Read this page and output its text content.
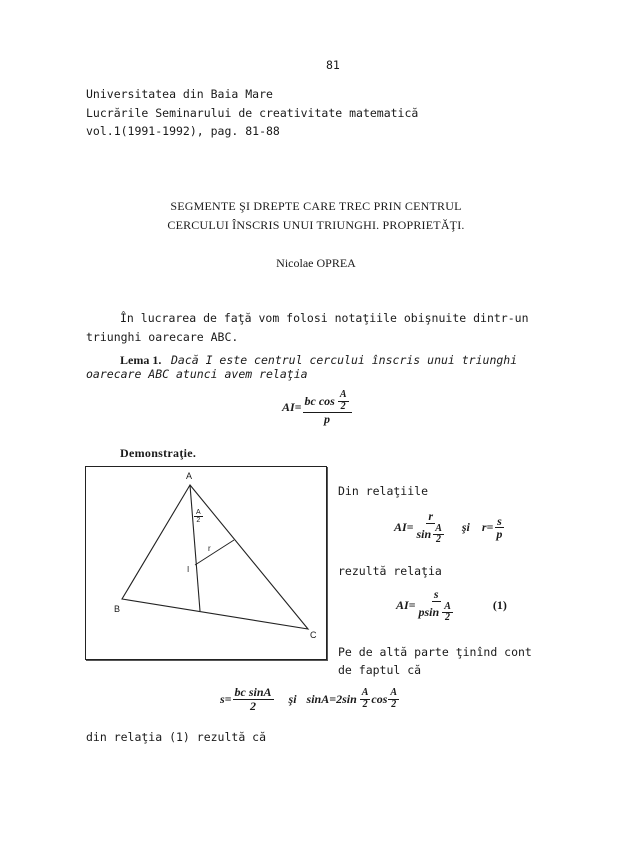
81
Universitatea din Baia Mare
Lucrările Seminarului de creativitate matematică
vol.1(1991-1992), pag. 81-88
SEGMENTE ŞI DREPTE CARE TREC PRIN CENTRUL
CERCULUI ÎNSCRIS UNUI TRIUNGHI. PROPRIETĂŢI.
Nicolae OPREA
În lucrarea de faţă vom folosi notaţiile obişnuite dintr-un
triunghi oarecare ABC.
Lema 1. Dacă I este centrul cercului înscris unui triunghi
oarecare ABC atunci avem relaţia
$AI= \frac{bc \cos \frac{A}{2}}{p}$
Demonstraţie.
A
B
C
I
r
$\frac{A}{2}$
Din relaţiile
$AI= \frac{r}{\sin \frac{A}{2}}$ şi $r= \frac{s}{p}$
rezultă relaţia
$AI= \frac{s}{psin \frac{A}{2}}$	(1)
Pe de altă parte ţinînd cont
de faptul că
$s= \frac{\text{bc sinA}}{2}$ şi $\sin A=2\sin \frac{A}{2}$ $\cos \frac{A}{2}$
din relaţia (1) rezultă că
